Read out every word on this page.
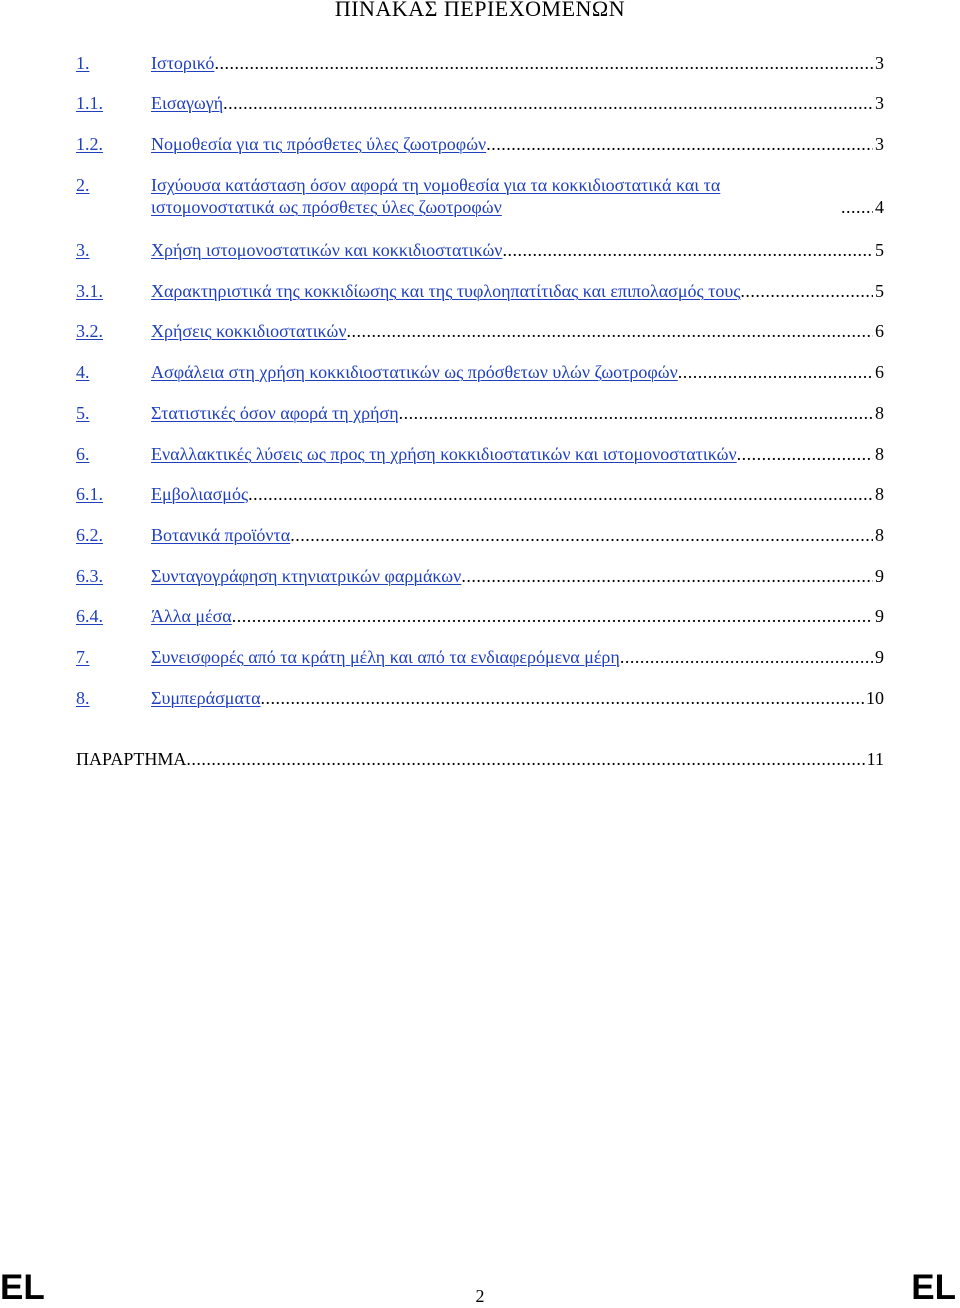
ΠΙΝΑΚΑΣ ΠΕΡΙΕΧΟΜΕΝΩΝ
1.	Ιστορικό .....	3
1.1.	Εισαγωγή .....	3
1.2.	Νομοθεσία για τις πρόσθετες ύλες ζωοτροφών .....	3
2.	Ισχύουσα κατάσταση όσον αφορά τη νομοθεσία για τα κοκκιδιοστατικά και τα ιστομονοστατικά ως πρόσθετες ύλες ζωοτροφών .....	4
3.	Χρήση ιστομονοστατικών και κοκκιδιοστατικών .....	5
3.1.	Χαρακτηριστικά της κοκκιδίωσης και της τυφλοηπατίτιδας και επιπολασμός τους .....	5
3.2.	Χρήσεις κοκκιδιοστατικών .....	6
4.	Ασφάλεια στη χρήση κοκκιδιοστατικών ως πρόσθετων υλών ζωοτροφών .....	6
5.	Στατιστικές όσον αφορά τη χρήση .....	8
6.	Εναλλακτικές λύσεις ως προς τη χρήση κοκκιδιοστατικών και ιστομονοστατικών .....	8
6.1.	Εμβολιασμός .....	8
6.2.	Βοτανικά προϊόντα .....	8
6.3.	Συνταγογράφηση κτηνιατρικών φαρμάκων .....	9
6.4.	Άλλα μέσα .....	9
7.	Συνεισφορές από τα κράτη μέλη και από τα ενδιαφερόμενα μέρη .....	9
8.	Συμπεράσματα .....	10
ΠΑΡΑΡΤΗΜΑ .....	11
EL	2	EL
